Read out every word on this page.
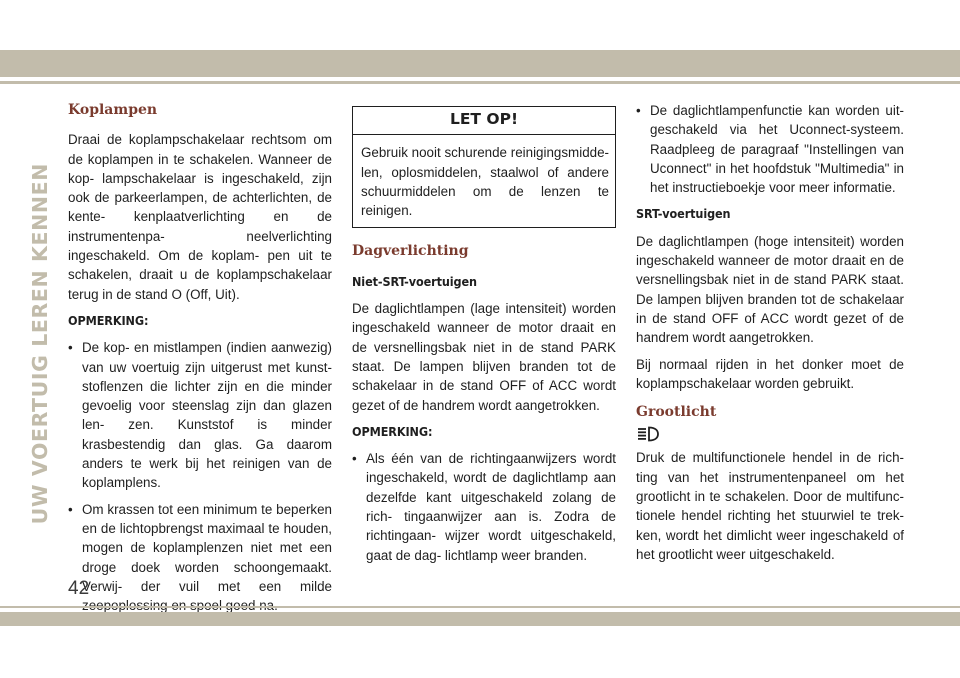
UW VOERTUIG LEREN KENNEN
Koplampen

Draai de koplampschakelaar rechtsom om de koplampen in te schakelen. Wanneer de kop- lampschakelaar is ingeschakeld, zijn ook de parkeerlampen, de achterlichten, de kente- kenplaatverlichting en de instrumentenpa- neelverlichting ingeschakeld. Om de koplam- pen uit te schakelen, draait u de koplampschakelaar terug in de stand O (Off, Uit).

OPMERKING:
• De kop- en mistlampen (indien aanwezig) van uw voertuig zijn uitgerust met kunst- stoflenzen die lichter zijn en die minder gevoelig voor steenslag zijn dan glazen len- zen. Kunststof is minder krasbestendig dan glas. Ga daarom anders te werk bij het reinigen van de koplamplens.
• Om krassen tot een minimum te beperken en de lichtopbrengst maximaal te houden, mogen de koplamplenzen niet met een droge doek worden schoongemaakt. Verwij- der vuil met een milde
LET OP!
Gebruik nooit schurende reinigingsmidde- len, oplosmiddelen, staalwol of andere schuurmiddelen om de lenzen te reinigen.
Dagverlichting
Niet-SRT-voertuigen

De daglichtlampen (lage intensiteit) worden ingeschakeld wanneer de motor draait en de versnellingsbak niet in de stand PARK staat. De lampen blijven branden tot de schakelaar in de stand OFF of ACC wordt gezet of de handrem wordt aangetrokken.

OPMERKING:
• Als één van de richtingaanwijzers wordt ingeschakeld, wordt de daglichtlamp aan dezelfde kant uitgeschakeld zolang de rich- tingaanwijzer aan is. Zodra de richtingaan- wijzer wordt uitgeschakeld, gaat de dag- lichtlamp weer branden.
• De daglichtlampenfunctie kan worden uit- geschakeld via het Uconnect-systeem. Raadpleeg de paragraaf "Instellingen van Uconnect" in het hoofdstuk "Multimedia" in het instructieboekje voor meer informatie.
SRT-voertuigen

De daglichtlampen (hoge intensiteit) worden ingeschakeld wanneer de motor draait en de versnellingsbak niet in de stand PARK staat. De lampen blijven branden tot de schakelaar in de stand OFF of ACC wordt gezet of de handrem wordt aangetrokken.

Bij normaal rijden in het donker moet de koplampschakelaar worden gebruikt.

Grootlicht

Druk de multifunctionele hendel in de rich- ting van het instrumentenpaneel om het grootlicht in te schakelen. Door de multifunc- tionele hendel richting het stuurwiel te trek- ken, wordt het dimlicht weer ingeschakeld of het grootlicht weer uitgeschakeld.

42
